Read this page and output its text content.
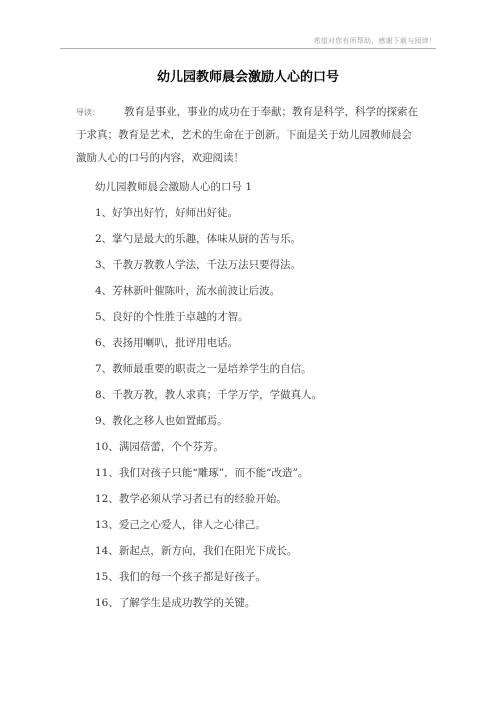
希望对您有所帮助，感谢下载与阅读！
幼儿园教师晨会激励人心的口号
导读： 教育是事业，事业的成功在于奉献；教育是科学，科学的探索在于求真；教育是艺术，艺术的生命在于创新。下面是关于幼儿园教师晨会激励人心的口号的内容，欢迎阅读！
幼儿园教师晨会激励人心的口号 1
1、好笋出好竹，好师出好徒。
2、掌勺是最大的乐趣，体味从厨的苦与乐。
3、千教万教教人学法，千法万法只要得法。
4、芳林新叶催陈叶，流水前波让后波。
5、良好的个性胜于卓越的才智。
6、表扬用喇叭，批评用电话。
7、教师最重要的职责之一是培养学生的自信。
8、千教万教，教人求真；千学万学，学做真人。
9、教化之移人也如置邮焉。
10、满园蓓蕾，个个芬芳。
11、我们对孩子只能“雕琢”，而不能“改造”。
12、教学必须从学习者已有的经验开始。
13、爱己之心爱人，律人之心律己。
14、新起点，新方向，我们在阳光下成长。
15、我们的每一个孩子都是好孩子。
16、了解学生是成功教学的关键。
